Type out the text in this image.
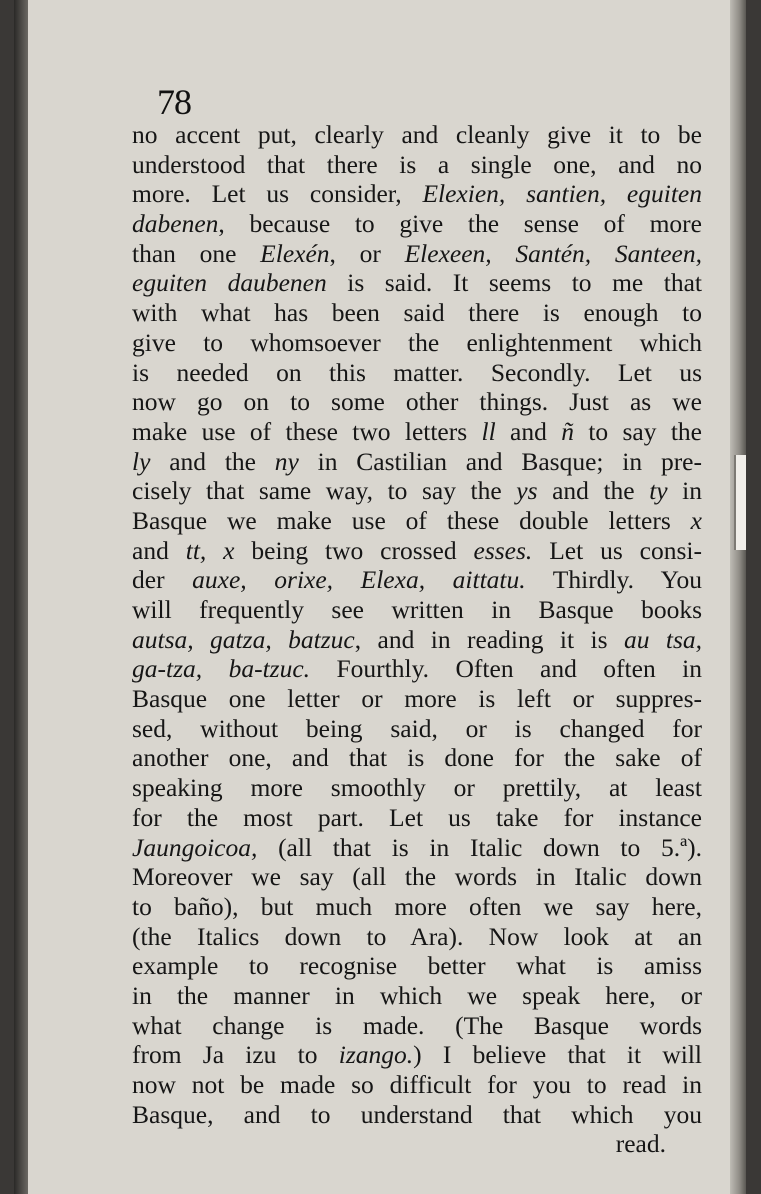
78
no accent put, clearly and cleanly give it to be
understood that there is a single one, and no
more. Let us consider, Elexien, santien, eguiten
dabenen, because to give the sense of more
than one Elexén, or Elexeen, Santén, Santeen,
eguiten daubenen is said. It seems to me that
with what has been said there is enough to
give to whomsoever the enlightenment which
is needed on this matter. Secondly. Let us
now go on to some other things. Just as we
make use of these two letters ll and ñ to say the
ly and the ny in Castilian and Basque; in pre-
cisely that same way, to say the ys and the ty in
Basque we make use of these double letters x
and tt, x being two crossed esses. Let us consi-
der auxe, orixe, Elexa, aittatu. Thirdly. You
will frequently see written in Basque books
autsa, gatza, batzuc, and in reading it is au tsa,
ga-tza, ba-tzuc. Fourthly. Often and often in
Basque one letter or more is left or suppres-
sed, without being said, or is changed for
another one, and that is done for the sake of
speaking more smoothly or prettily, at least
for the most part. Let us take for instance
Jaungoicoa, (all that is in Italic down to 5.ª).
Moreover we say (all the words in Italic down
to baño), but much more often we say here,
(the Italics down to Ara). Now look at an
example to recognise better what is amiss
in the manner in which we speak here, or
what change is made. (The Basque words
from Ja izu to izango.) I believe that it will
now not be made so difficult for you to read in
Basque, and to understand that which you
read.
